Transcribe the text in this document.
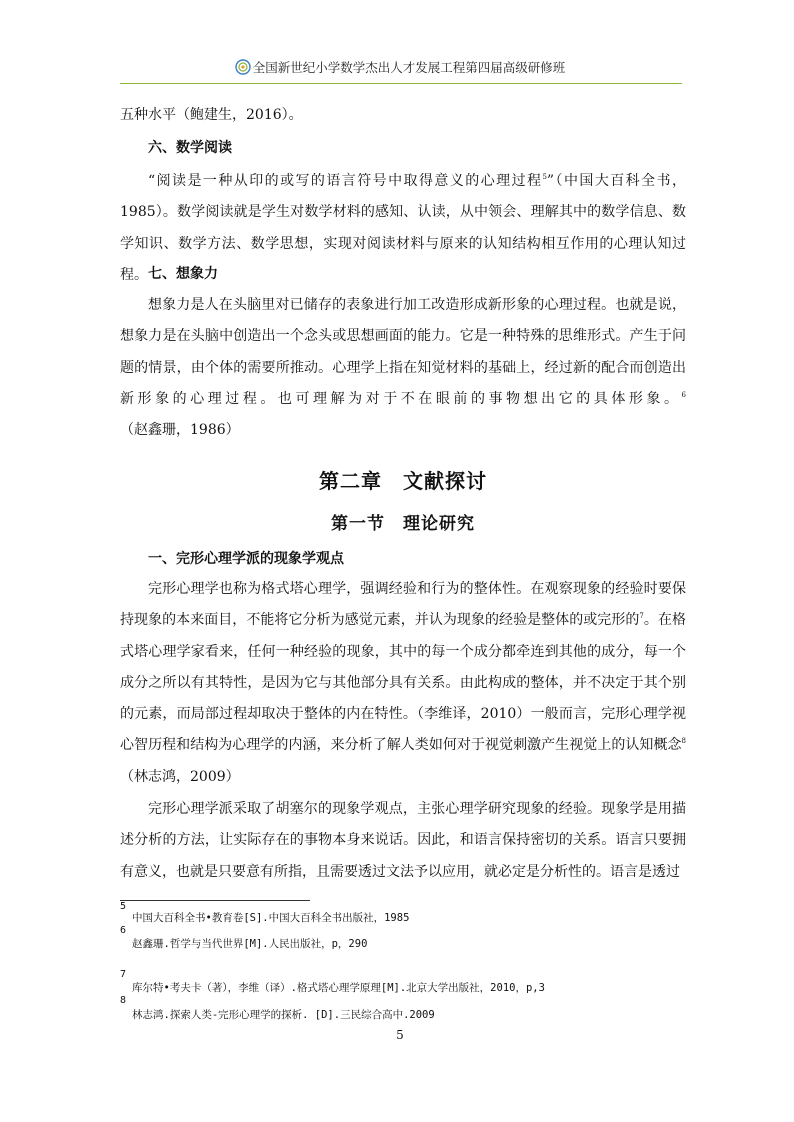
全国新世纪小学数学杰出人才发展工程第四届高级研修班

五种水平（鲍建生，2016）。

六、数学阅读

“阅读是一种从印的或写的语言符号中取得意义的心理过程$^5$”（中国大百科全书，1985）。数学阅读就是学生对数学材料的感知、认读，从中领会、理解其中的数学信息、数学知识、数学方法、数学思想，实现对阅读材料与原来的认知结构相互作用的心理认知过程。 七、想象力

想象力是人在头脑里对已储存的表象进行加工改造形成新形象的心理过程。也就是说，想象力是在头脑中创造出一个念头或思想画面的能力。它是一种特殊的思维形式。产生于问题的情景，由个体的需要所推动。心理学上指在知觉材料的基础上，经过新的配合而创造出新形象的心理过程。也可理解为对于不在眼前的事物想出它的具体形象。$^6$（赵鑫珊，1986）

第二章　文献探讨
第一节　理论研究

一、完形心理学派的现象学观点

完形心理学也称为格式塔心理学，强调经验和行为的整体性。在观察现象的经验时要保持现象的本来面目，不能将它分析为感觉元素，并认为现象的经验是整体的或完形的$^7$。在格式塔心理学家看来，任何一种经验的现象，其中的每一个成分都牵连到其他的成分，每一个成分之所以有其特性，是因为它与其他部分具有关系。由此构成的整体，并不决定于其个别的元素，而局部过程却取决于整体的内在特性。（李维译，2010）一般而言，完形心理学视心智历程和结构为心理学的内涵，来分析了解人类如何对于视觉刺激产生视觉上的认知概念$^8$（林志鸿，2009）

完形心理学派采取了胡塞尔的现象学观点，主张心理学研究现象的经验。现象学是用描述分析的方法，让实际存在的事物本身来说话。因此，和语言保持密切的关系。语言只要拥有意义，也就是只要意有所指，且需要透过文法予以应用，就必定是分析性的。语言是透过

5
中国大百科全书•教育卷[S].中国大百科全书出版社，1985
6
赵鑫珊.哲学与当代世界[M].人民出版社，p，290
7
库尔特•考夫卡（著），李维（译）.格式塔心理学原理[M].北京大学出版社，2010，p,3
8
林志鸿.探索人类-完形心理学的探析. [D].三民综合高中.2009
5
